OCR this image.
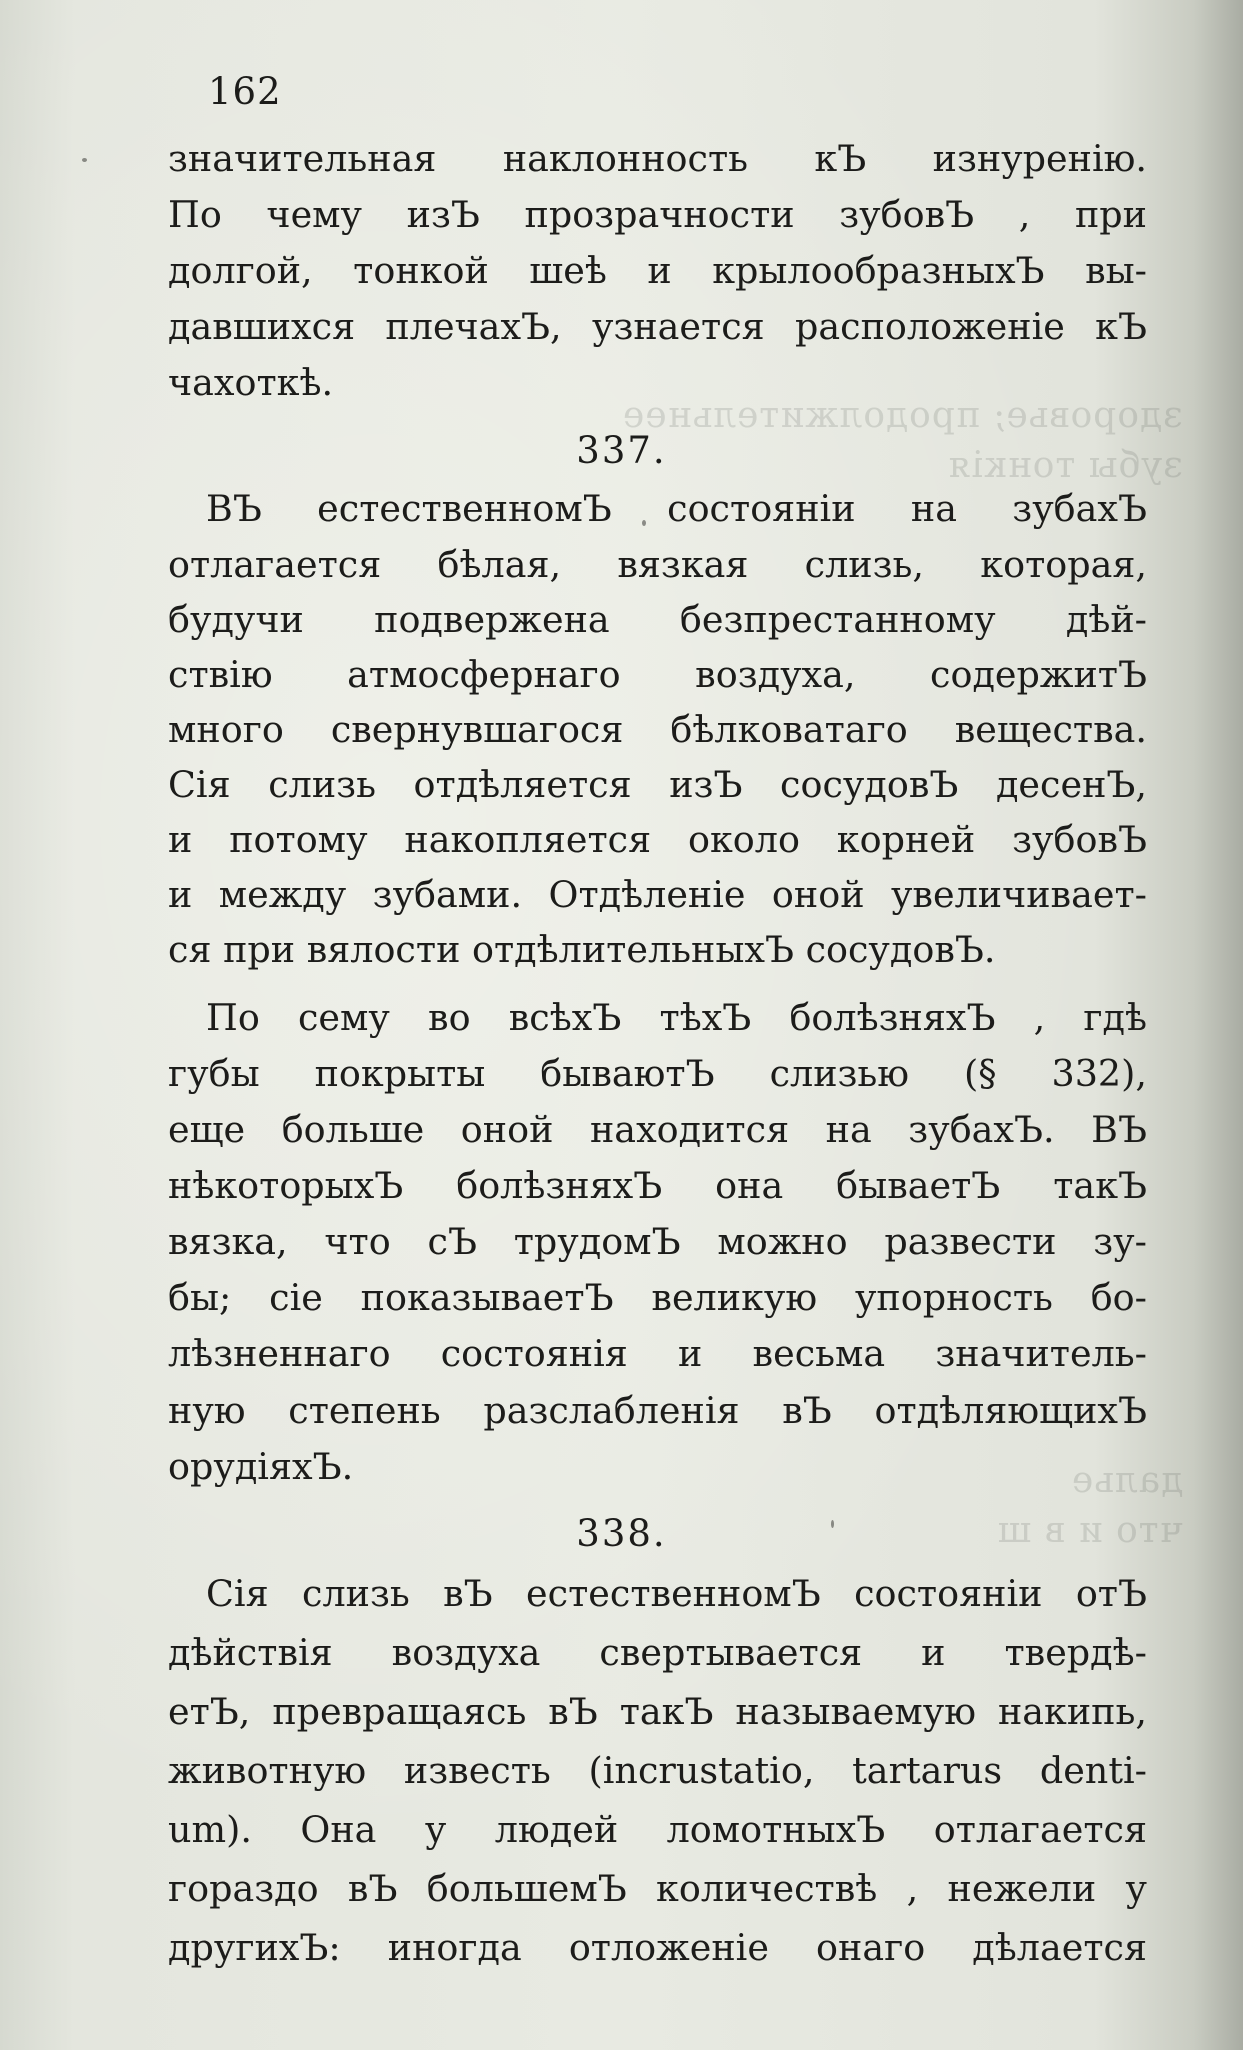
здоровье; продолжительнее
зубы тонкія
далье
что и в ш
162
значительная наклонность кЪ изнуренію.
По чему изЪ прозрачности зубовЪ , при
долгой, тонкой шеѣ и крылообразныхЪ вы-
давшихся плечахЪ, узнается расположеніе кЪ
чахоткѣ.
337.
ВЪ естественномЪ состояніи на зубахЪ
отлагается бѣлая, вязкая слизь, которая,
будучи подвержена безпрестанному дѣй-
ствію атмосфернаго воздуха, содержитЪ
много свернувшагося бѣлковатаго вещества.
Сія слизь отдѣляется изЪ сосудовЪ десенЪ,
и потому накопляется около корней зубовЪ
и между зубами. Отдѣленіе оной увеличивает-
ся при вялости отдѣлительныхЪ сосудовЪ.
По сему во всѣхЪ тѣхЪ болѣзняхЪ , гдѣ
губы покрыты бываютЪ слизью (§ 332),
еще больше оной находится на зубахЪ. ВЪ
нѣкоторыхЪ болѣзняхЪ она бываетЪ такЪ
вязка, что сЪ трудомЪ можно развести зу-
бы; сіе показываетЪ великую упорность бо-
лѣзненнаго состоянія и весьма значитель-
ную степень разслабленія вЪ отдѣляющихЪ
орудіяхЪ.
338.
Сія слизь вЪ естественномЪ состояніи отЪ
дѣйствія воздуха свертывается и твердѣ-
етЪ, превращаясь вЪ такЪ называемую накипь,
животную известь (incrustatio, tartarus denti-
um). Она у людей ломотныхЪ отлагается
гораздо вЪ большемЪ количествѣ , нежели у
другихЪ: иногда отложеніе онаго дѣлается
